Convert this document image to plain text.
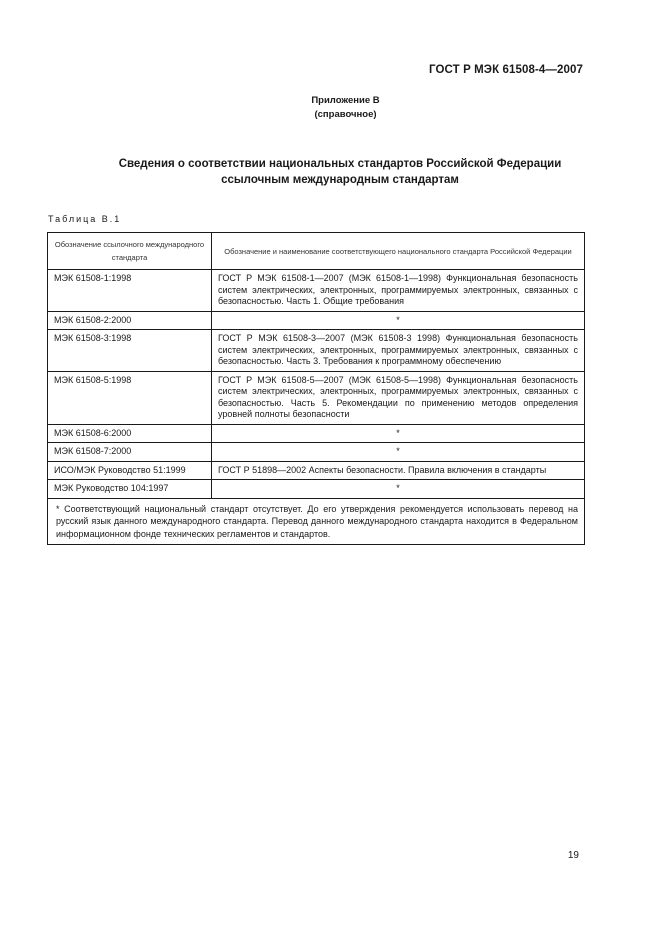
ГОСТ Р МЭК 61508-4—2007
Приложение В
(справочное)
Сведения о соответствии национальных стандартов Российской Федерации
ссылочным международным стандартам
Таблица В.1
Обозначение ссылочного международного стандарта	Обозначение и наименование соответствующего национального стандарта Российской Федерации
МЭК 61508-1:1998	ГОСТ Р МЭК 61508-1—2007 (МЭК 61508-1—1998) Функциональная безопасность систем электрических, электронных, программируемых электронных, связанных с безопасностью. Часть 1. Общие требования
МЭК 61508-2:2000	*
МЭК 61508-3:1998	ГОСТ Р МЭК 61508-3—2007 (МЭК 61508-3 1998) Функциональная безопасность систем электрических, электронных, программируемых электронных, связанных с безопасностью. Часть 3. Требования к программному обеспечению
МЭК 61508-5:1998	ГОСТ Р МЭК 61508-5—2007 (МЭК 61508-5—1998) Функциональная безопасность систем электрических, электронных, программируемых электронных, связанных с безопасностью. Часть 5. Рекомендации по применению методов определения уровней полноты безопасности
МЭК 61508-6:2000	*
МЭК 61508-7:2000	*
ИСО/МЭК Руководство 51:1999	ГОСТ Р 51898—2002 Аспекты безопасности. Правила включения в стандарты
МЭК Руководство 104:1997	*
* Соответствующий национальный стандарт отсутствует. До его утверждения рекомендуется использовать перевод на русский язык данного международного стандарта. Перевод данного международного стандарта находится в Федеральном информационном фонде технических регламентов и стандартов.	
19
